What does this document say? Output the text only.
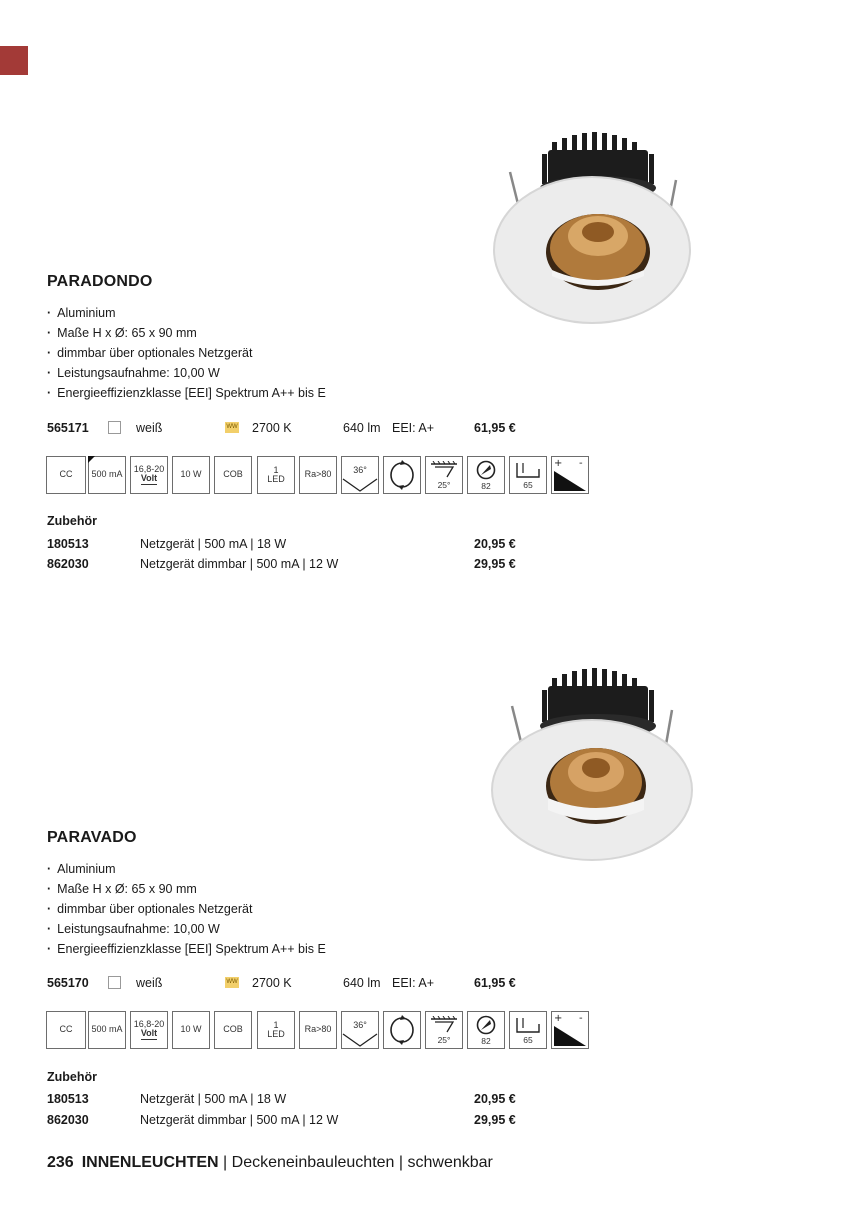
PARADONDO
· Aluminium
· Maße H x Ø: 65 x 90 mm
· dimmbar über optionales Netzgerät
· Leistungsaufnahme: 10,00 W
· Energieeffizienzklasse [EEI] Spektrum A++ bis E
565171	weiß	WW 2700 K	640 lm EEI: A+	61,95 €
CC 500 mA
16,8-20
Volt	10 W COB	1
LED Ra>80 36°
25°	82	65
+ -
Zubehör
180513	Netzgerät | 500 mA | 18 W	20,95 €
862030	Netzgerät dimmbar | 500 mA | 12 W	29,95 €
PARAVADO
· Aluminium
· Maße H x Ø: 65 x 90 mm
· dimmbar über optionales Netzgerät
· Leistungsaufnahme: 10,00 W
· Energieeffizienzklasse [EEI] Spektrum A++ bis E
565170	weiß	WW 2700 K	640 lm EEI: A+	61,95 €
CC 500 mA
16,8-20
Volt	10 W COB	1
LED Ra>80 36°
25°	82	65
+ -
Zubehör
180513	Netzgerät | 500 mA | 18 W	20,95 €
862030	Netzgerät dimmbar | 500 mA | 12 W	29,95 €
236 INNENLEUCHTEN | Deckeneinbauleuchten | schwenkbar
